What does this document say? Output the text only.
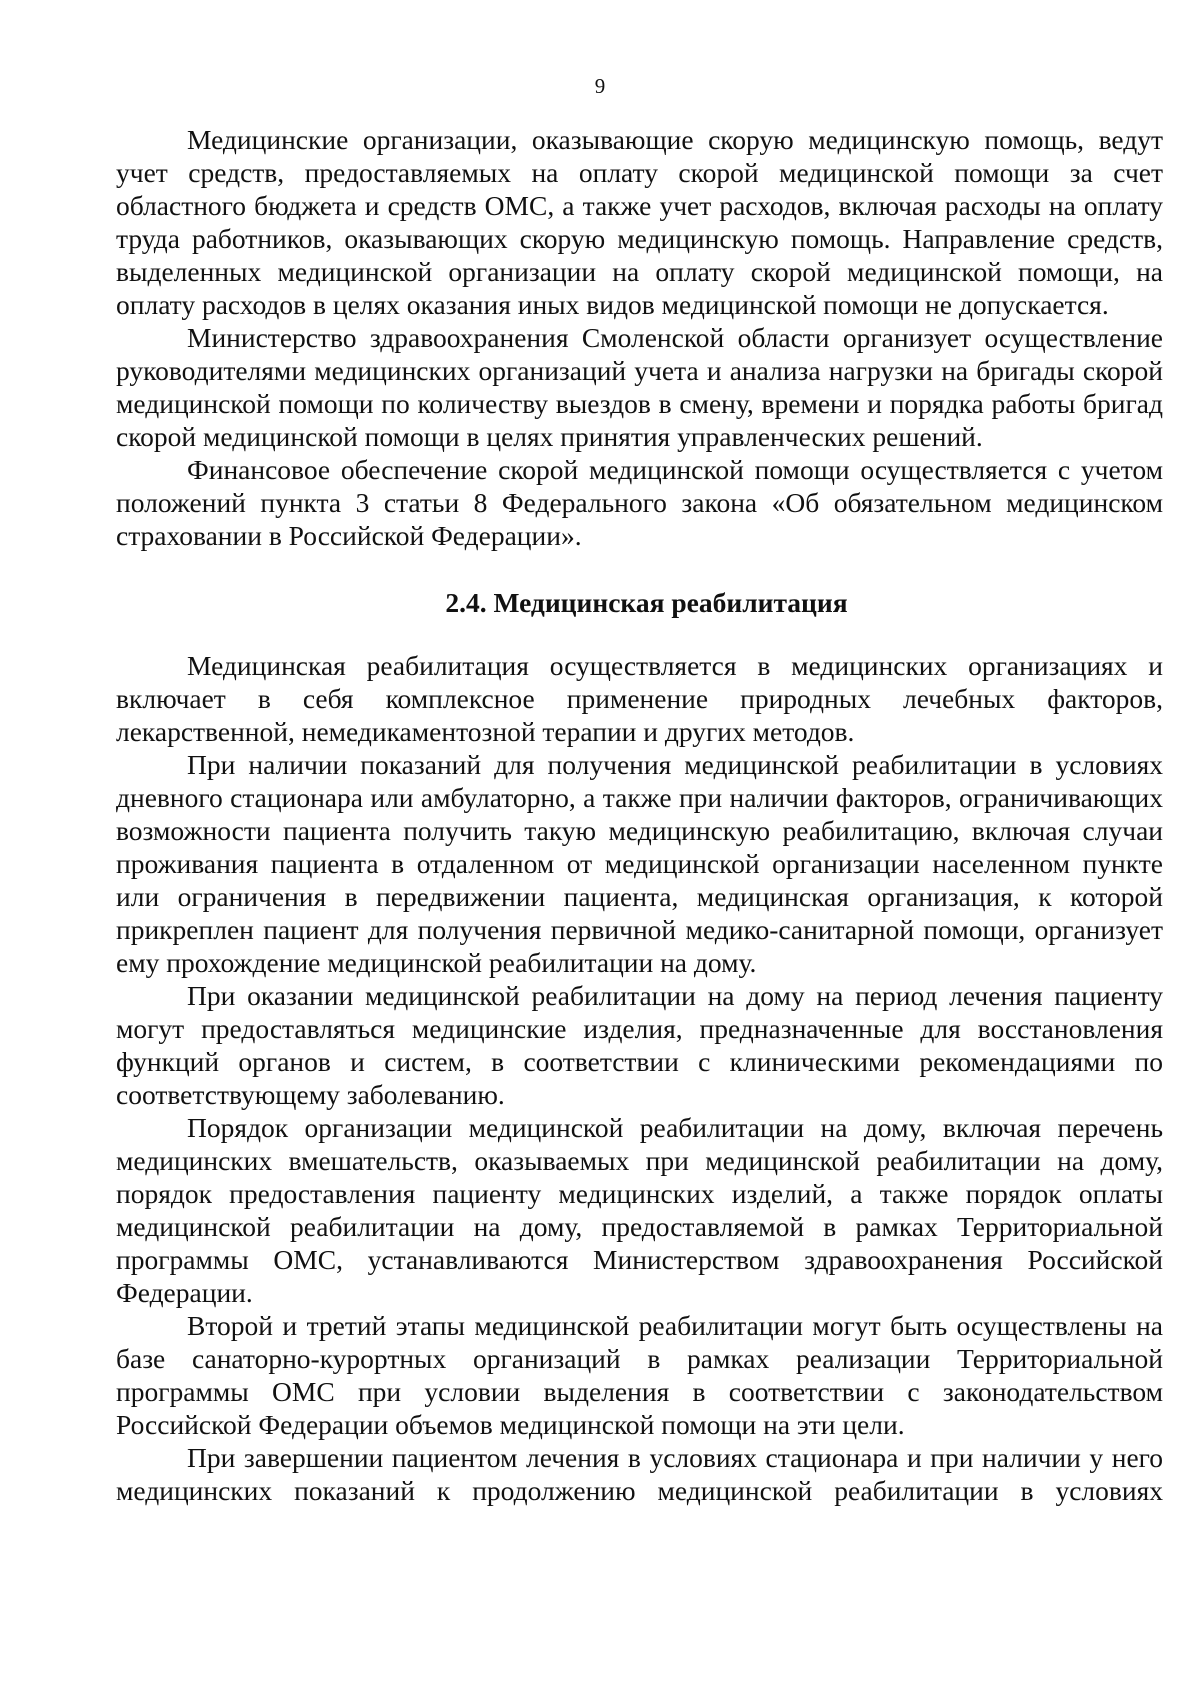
9

Медицинские организации, оказывающие скорую медицинскую помощь, ведут учет средств, предоставляемых на оплату скорой медицинской помощи за счет областного бюджета и средств ОМС, а также учет расходов, включая расходы на оплату труда работников, оказывающих скорую медицинскую помощь. Направление средств, выделенных медицинской организации на оплату скорой медицинской помощи, на оплату расходов в целях оказания иных видов медицинской помощи не допускается.

Министерство здравоохранения Смоленской области организует осуществление руководителями медицинских организаций учета и анализа нагрузки на бригады скорой медицинской помощи по количеству выездов в смену, времени и порядка работы бригад скорой медицинской помощи в целях принятия управленческих решений.

Финансовое обеспечение скорой медицинской помощи осуществляется с учетом положений пункта 3 статьи 8 Федерального закона «Об обязательном медицинском страховании в Российской Федерации».

2.4. Медицинская реабилитация

Медицинская реабилитация осуществляется в медицинских организациях и включает в себя комплексное применение природных лечебных факторов, лекарственной, немедикаментозной терапии и других методов.

При наличии показаний для получения медицинской реабилитации в условиях дневного стационара или амбулаторно, а также при наличии факторов, ограничивающих возможности пациента получить такую медицинскую реабилитацию, включая случаи проживания пациента в отдаленном от медицинской организации населенном пункте или ограничения в передвижении пациента, медицинская организация, к которой прикреплен пациент для получения первичной медико-санитарной помощи, организует ему прохождение медицинской реабилитации на дому.

При оказании медицинской реабилитации на дому на период лечения пациенту могут предоставляться медицинские изделия, предназначенные для восстановления функций органов и систем, в соответствии с клиническими рекомендациями по соответствующему заболеванию.

Порядок организации медицинской реабилитации на дому, включая перечень медицинских вмешательств, оказываемых при медицинской реабилитации на дому, порядок предоставления пациенту медицинских изделий, а также порядок оплаты медицинской реабилитации на дому, предоставляемой в рамках Территориальной программы ОМС, устанавливаются Министерством здравоохранения Российской Федерации.

Второй и третий этапы медицинской реабилитации могут быть осуществлены на базе санаторно-курортных организаций в рамках реализации Территориальной программы ОМС при условии выделения в соответствии с законодательством Российской Федерации объемов медицинской помощи на эти цели.

При завершении пациентом лечения в условиях стационара и при наличии у него медицинских показаний к продолжению медицинской реабилитации в условиях
